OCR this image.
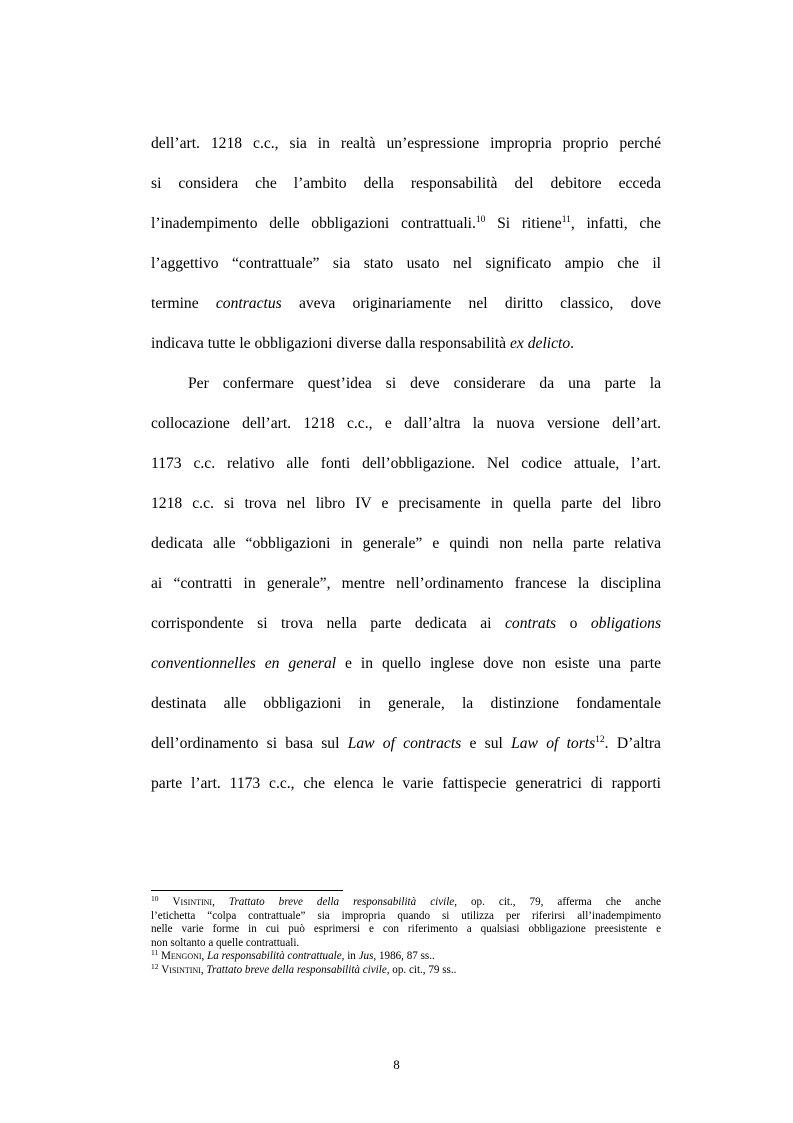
dell’art. 1218 c.c., sia in realtà un’espressione impropria proprio perché
si considera che l’ambito della responsabilità del debitore ecceda
l’inadempimento delle obbligazioni contrattuali.$^{10}$ Si ritiene$^{11}$, infatti, che
l’aggettivo “contrattuale” sia stato usato nel significato ampio che il
termine contractus aveva originariamente nel diritto classico, dove
indicava tutte le obbligazioni diverse dalla responsabilità ex delicto.
Per confermare quest’idea si deve considerare da una parte la
collocazione dell’art. 1218 c.c., e dall’altra la nuova versione dell’art.
1173 c.c. relativo alle fonti dell’obbligazione. Nel codice attuale, l’art.
1218 c.c. si trova nel libro IV e precisamente in quella parte del libro
dedicata alle “obbligazioni in generale” e quindi non nella parte relativa
ai “contratti in generale”, mentre nell’ordinamento francese la disciplina
corrispondente si trova nella parte dedicata ai contrats o obligations
conventionnelles en general e in quello inglese dove non esiste una parte
destinata alle obbligazioni in generale, la distinzione fondamentale
dell’ordinamento si basa sul Law of contracts e sul Law of torts$^{12}$. D’altra
parte l’art. 1173 c.c., che elenca le varie fattispecie generatrici di rapporti
$^{10}$ Visintini, Trattato breve della responsabilità civile, op. cit., 79, afferma che anche
l’etichetta “colpa contrattuale” sia impropria quando si utilizza per riferirsi all’inadempimento
nelle varie forme in cui può esprimersi e con riferimento a qualsiasi obbligazione preesistente e
non soltanto a quelle contrattuali.
$^{11}$ Mengoni, La responsabilità contrattuale, in Jus, 1986, 87 ss..
$^{12}$ Visintini, Trattato breve della responsabilità civile, op. cit., 79 ss..
8
